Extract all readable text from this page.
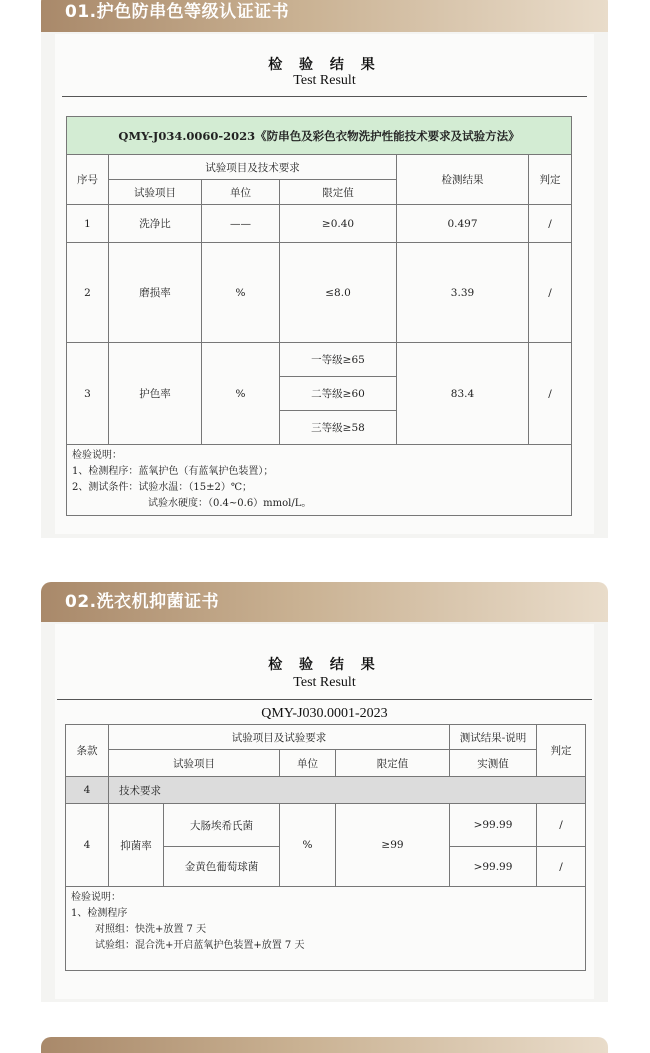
01.护色防串色等级认证证书
检 验 结 果
Test Result
QMY-J034.0060-2023《防串色及彩色衣物洗护性能技术要求及试验方法》					
序号	试验项目及技术要求			检测结果	判定
	试验项目	单位	限定值		
1	洗净比	——	≥0.40	0.497	/
2	磨损率	%	≤8.0	3.39	/
3	护色率	%	一等级≥65	83.4	/
			二等级≥60		
			三等级≥58		

检验说明：
1、检测程序：蓝氧护色（有蓝氧护色装置）；
2、测试条件：试验水温：（15±2）℃；
试验水硬度：（0.4~0.6）mmol/L。					
02.洗衣机抑菌证书
检 验 结 果
Test Result
QMY-J030.0001-2023
条款	试验项目及试验要求				测试结果-说明	判定
	试验项目		单位	限定值	实测值	
4	技术要求					
4	抑菌率	大肠埃希氏菌	%	≥99	>99.99	/
		金黄色葡萄球菌			>99.99	/

检验说明：
1、检测程序
对照组：快洗+放置 7 天
试验组：混合洗+开启蓝氧护色装置+放置 7 天						
